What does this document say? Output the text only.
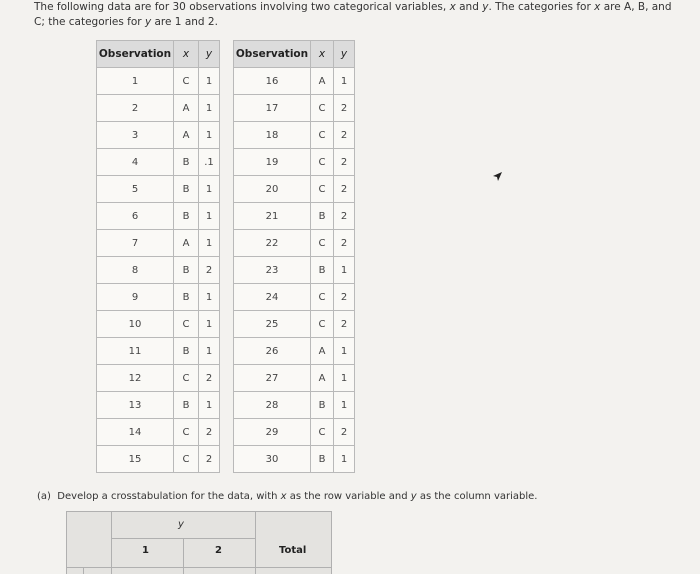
The following data are for 30 observations involving two categorical variables, x and y. The categories for x are A, B, and C; the categories for y are 1 and 2.
Observation	x	y
1	C	1
2	A	1
3	A	1
4	B	.1
5	B	1
6	B	1
7	A	1
8	B	2
9	B	1
10	C	1
11	B	1
12	C	2
13	B	1
14	C	2
15	C	2
Observation	x	y
16	A	1
17	C	2
18	C	2
19	C	2
20	C	2
21	B	2
22	C	2
23	B	1
24	C	2
25	C	2
26	A	1
27	A	1
28	B	1
29	C	2
30	B	1
(a) Develop a crosstabulation for the data, with x as the row variable and y as the column variable.
y
1	2	Total
